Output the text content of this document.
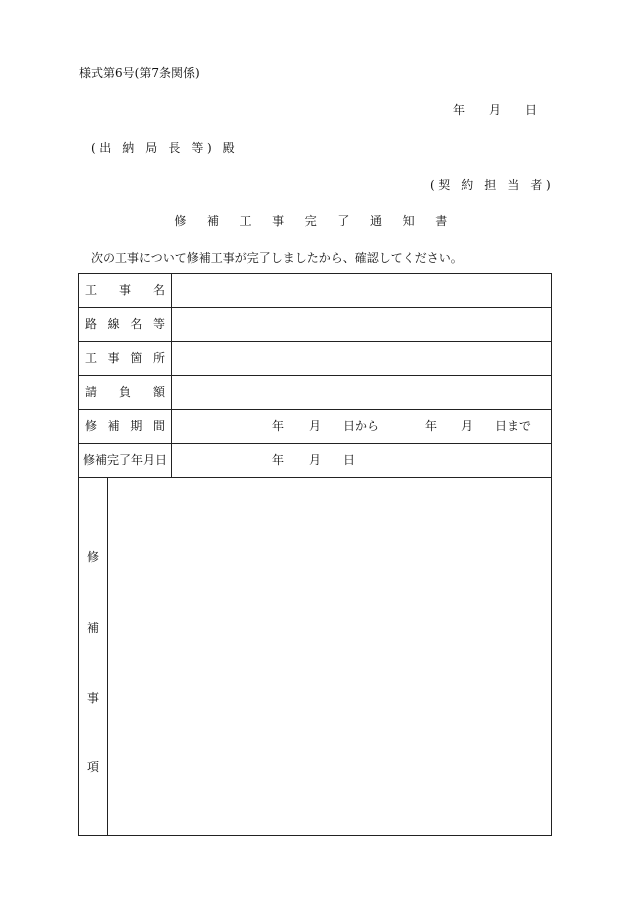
様式第6号(第7条関係)
年 月 日
(出 納 局 長 等) 殿
(契 約 担 当 者)
修 補 工 事 完 了 通 知 書
次の工事について修補工事が完了しましたから、確認してください。
工 事 名
路 線 名 等
工 事 箇 所
請 負 額
修 補 期 間	年 月 日から	年 月 日まで
修補完了年月日	年 月 日
修
補
事
項
